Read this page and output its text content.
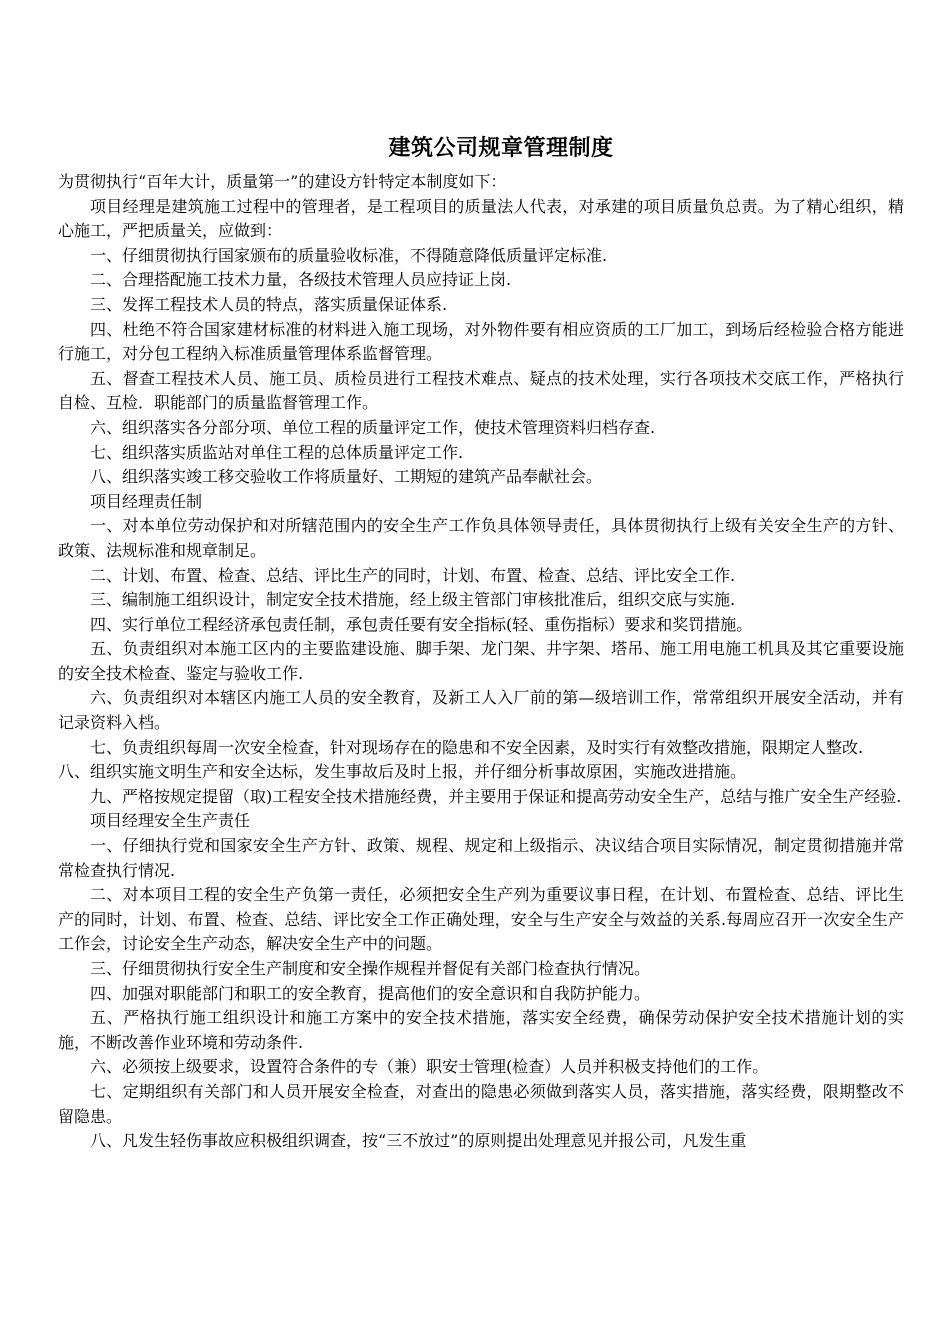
建筑公司规章管理制度

为贯彻执行“百年大计，质量第一”的建设方针特定本制度如下：

项目经理是建筑施工过程中的管理者，是工程项目的质量法人代表，对承建的项目质量负总责。为了精心组织，精心施工，严把质量关，应做到：

一、仔细贯彻执行国家颁布的质量验收标准，不得随意降低质量评定标准.

二、合理搭配施工技术力量，各级技术管理人员应持证上岗.

三、发挥工程技术人员的特点，落实质量保证体系.

四、杜绝不符合国家建材标准的材料进入施工现场，对外物件要有相应资质的工厂加工，到场后经检验合格方能进行施工，对分包工程纳入标准质量管理体系监督管理。

五、督查工程技术人员、施工员、质检员进行工程技术难点、疑点的技术处理，实行各项技术交底工作，严格执行自检、互检．职能部门的质量监督管理工作。

六、组织落实各分部分项、单位工程的质量评定工作，使技术管理资料归档存查.

七、组织落实质监站对单住工程的总体质量评定工作.

八、组织落实竣工移交验收工作将质量好、工期短的建筑产品奉献社会。

项目经理责任制

一、对本单位劳动保护和对所辖范围内的安全生产工作负具体领导责任，具体贯彻执行上级有关安全生产的方针、政策、法规标准和规章制足。

二、计划、布置、检查、总结、评比生产的同时，计划、布置、检查、总结、评比安全工作.

三、编制施工组织设计，制定安全技术措施，经上级主管部门审核批准后，组织交底与实施.

四、实行单位工程经济承包责任制，承包责任要有安全指标(轻、重伤指标）要求和奖罚措施。

五、负责组织对本施工区内的主要监建设施、脚手架、龙门架、井字架、塔吊、施工用电施工机具及其它重要设施的安全技术检查、鉴定与验收工作.

六、负责组织对本辖区内施工人员的安全教育，及新工人入厂前的第—级培训工作，常常组织开展安全活动，并有记录资料入档。

七、负责组织每周一次安全检查，针对现场存在的隐患和不安全因素，及时实行有效整改措施，限期定人整改.

八、组织实施文明生产和安全达标，发生事故后及时上报，并仔细分析事故原困，实施改进措施。

九、严格按规定提留（取)工程安全技术措施经费，并主要用于保证和提高劳动安全生产，总结与推广安全生产经验.

项目经理安全生产责任

一、仔细执行党和国家安全生产方针、政策、规程、规定和上级指示、决议结合项目实际情况，制定贯彻措施并常常检查执行情况.

二、对本项目工程的安全生产负第一责任，必须把安全生产列为重要议事日程，在计划、布置检查、总结、评比生产的同时，计划、布置、检查、总结、评比安全工作正确处理，安全与生产安全与效益的关系.每周应召开一次安全生产工作会，讨论安全生产动态，解决安全生产中的问题。

三、仔细贯彻执行安全生产制度和安全操作规程并督促有关部门检查执行情况。

四、加强对职能部门和职工的安全教育，提高他们的安全意识和自我防护能力。

五、严格执行施工组织设计和施工方案中的安全技术措施，落实安全经费，确保劳动保护安全技术措施计划的实施，不断改善作业环境和劳动条件.

六、必须按上级要求，设置符合条件的专（兼）职安士管理(检查）人员并积极支持他们的工作。

七、定期组织有关部门和人员开展安全检查，对查出的隐患必须做到落实人员，落实措施，落实经费，限期整改不留隐患。

八、凡发生轻伤事故应积极组织调查，按“三不放过”的原则提出处理意见并报公司，凡发生重
